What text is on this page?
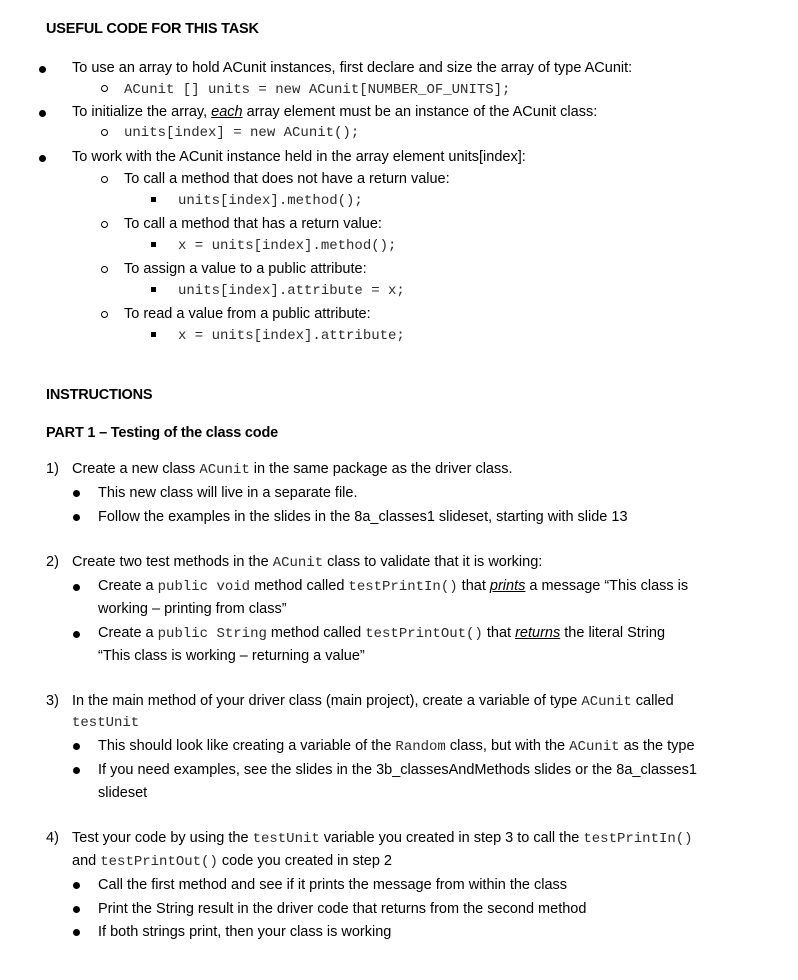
USEFUL CODE FOR THIS TASK
To use an array to hold ACunit instances, first declare and size the array of type ACunit:
ACunit [] units = new ACunit[NUMBER_OF_UNITS];
To initialize the array, each array element must be an instance of the ACunit class:
units[index] = new ACunit();
To work with the ACunit instance held in the array element units[index]:
To call a method that does not have a return value:
units[index].method();
To call a method that has a return value:
x = units[index].method();
To assign a value to a public attribute:
units[index].attribute = x;
To read a value from a public attribute:
x = units[index].attribute;
INSTRUCTIONS
PART 1 – Testing of the class code
1) Create a new class ACunit in the same package as the driver class.
This new class will live in a separate file.
Follow the examples in the slides in the 8a_classes1 slideset, starting with slide 13
2) Create two test methods in the ACunit class to validate that it is working:
Create a public void method called testPrintIn() that prints a message “This class is
working – printing from class”
Create a public String method called testPrintOut() that returns the literal String
“This class is working – returning a value”
3) In the main method of your driver class (main project), create a variable of type ACunit called
testUnit
This should look like creating a variable of the Random class, but with the ACunit as the type
If you need examples, see the slides in the 3b_classesAndMethods slides or the 8a_classes1
slideset
4) Test your code by using the testUnit variable you created in step 3 to call the testPrintIn()
and testPrintOut() code you created in step 2
Call the first method and see if it prints the message from within the class
Print the String result in the driver code that returns from the second method
If both strings print, then your class is working
